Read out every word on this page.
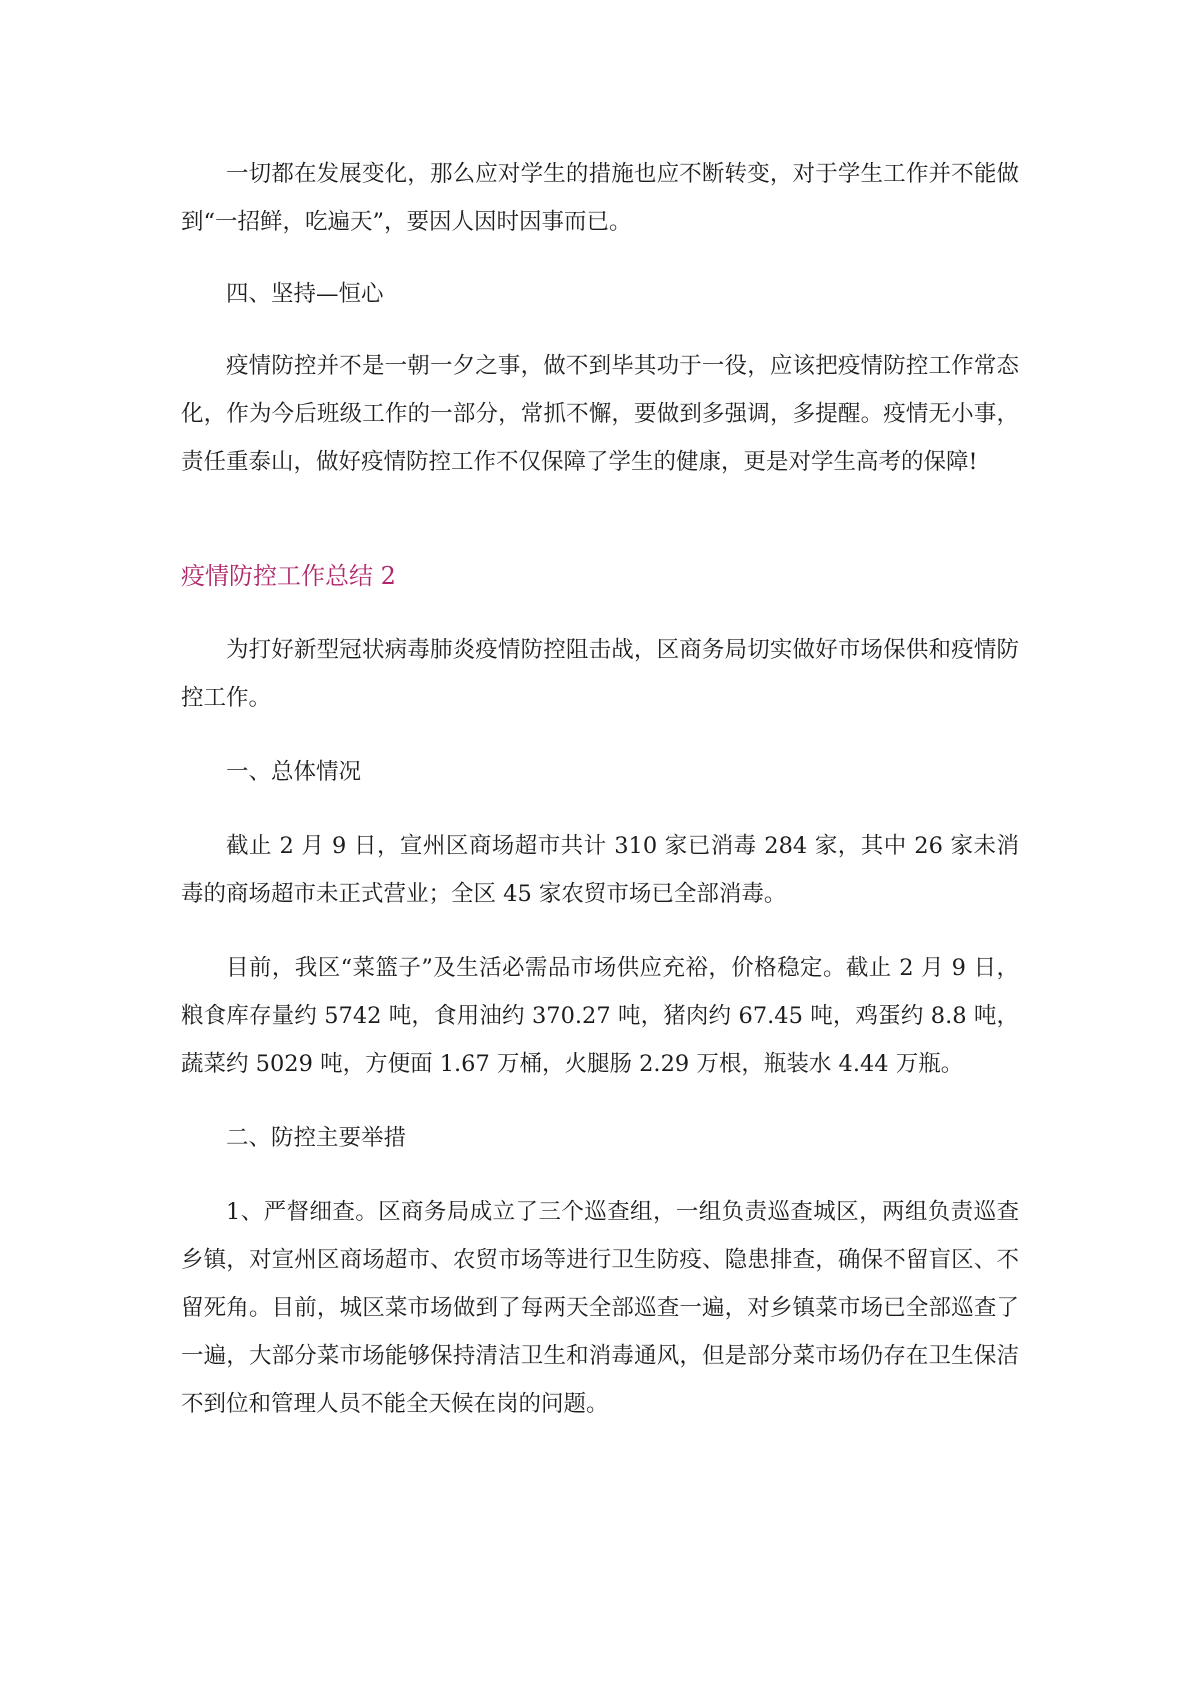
一切都在发展变化，那么应对学生的措施也应不断转变，对于学生工作并不能做到“一招鲜，吃遍天”，要因人因时因事而已。

四、坚持—恒心

疫情防控并不是一朝一夕之事，做不到毕其功于一役，应该把疫情防控工作常态化，作为今后班级工作的一部分，常抓不懈，要做到多强调，多提醒。疫情无小事，责任重泰山，做好疫情防控工作不仅保障了学生的健康，更是对学生高考的保障!

疫情防控工作总结 2

为打好新型冠状病毒肺炎疫情防控阻击战，区商务局切实做好市场保供和疫情防控工作。

一、总体情况

截止 2 月 9 日，宣州区商场超市共计 310 家已消毒 284 家，其中 26 家未消毒的商场超市未正式营业；全区 45 家农贸市场已全部消毒。

目前，我区“菜篮子”及生活必需品市场供应充裕，价格稳定。截止 2 月 9 日，粮食库存量约 5742 吨，食用油约 370.27 吨，猪肉约 67.45 吨，鸡蛋约 8.8 吨，蔬菜约 5029 吨，方便面 1.67 万桶，火腿肠 2.29 万根，瓶装水 4.44 万瓶。

二、防控主要举措

1、严督细查。区商务局成立了三个巡查组，一组负责巡查城区，两组负责巡查乡镇，对宣州区商场超市、农贸市场等进行卫生防疫、隐患排查，确保不留盲区、不留死角。目前，城区菜市场做到了每两天全部巡查一遍，对乡镇菜市场已全部巡查了一遍，大部分菜市场能够保持清洁卫生和消毒通风，但是部分菜市场仍存在卫生保洁不到位和管理人员不能全天候在岗的问题。
